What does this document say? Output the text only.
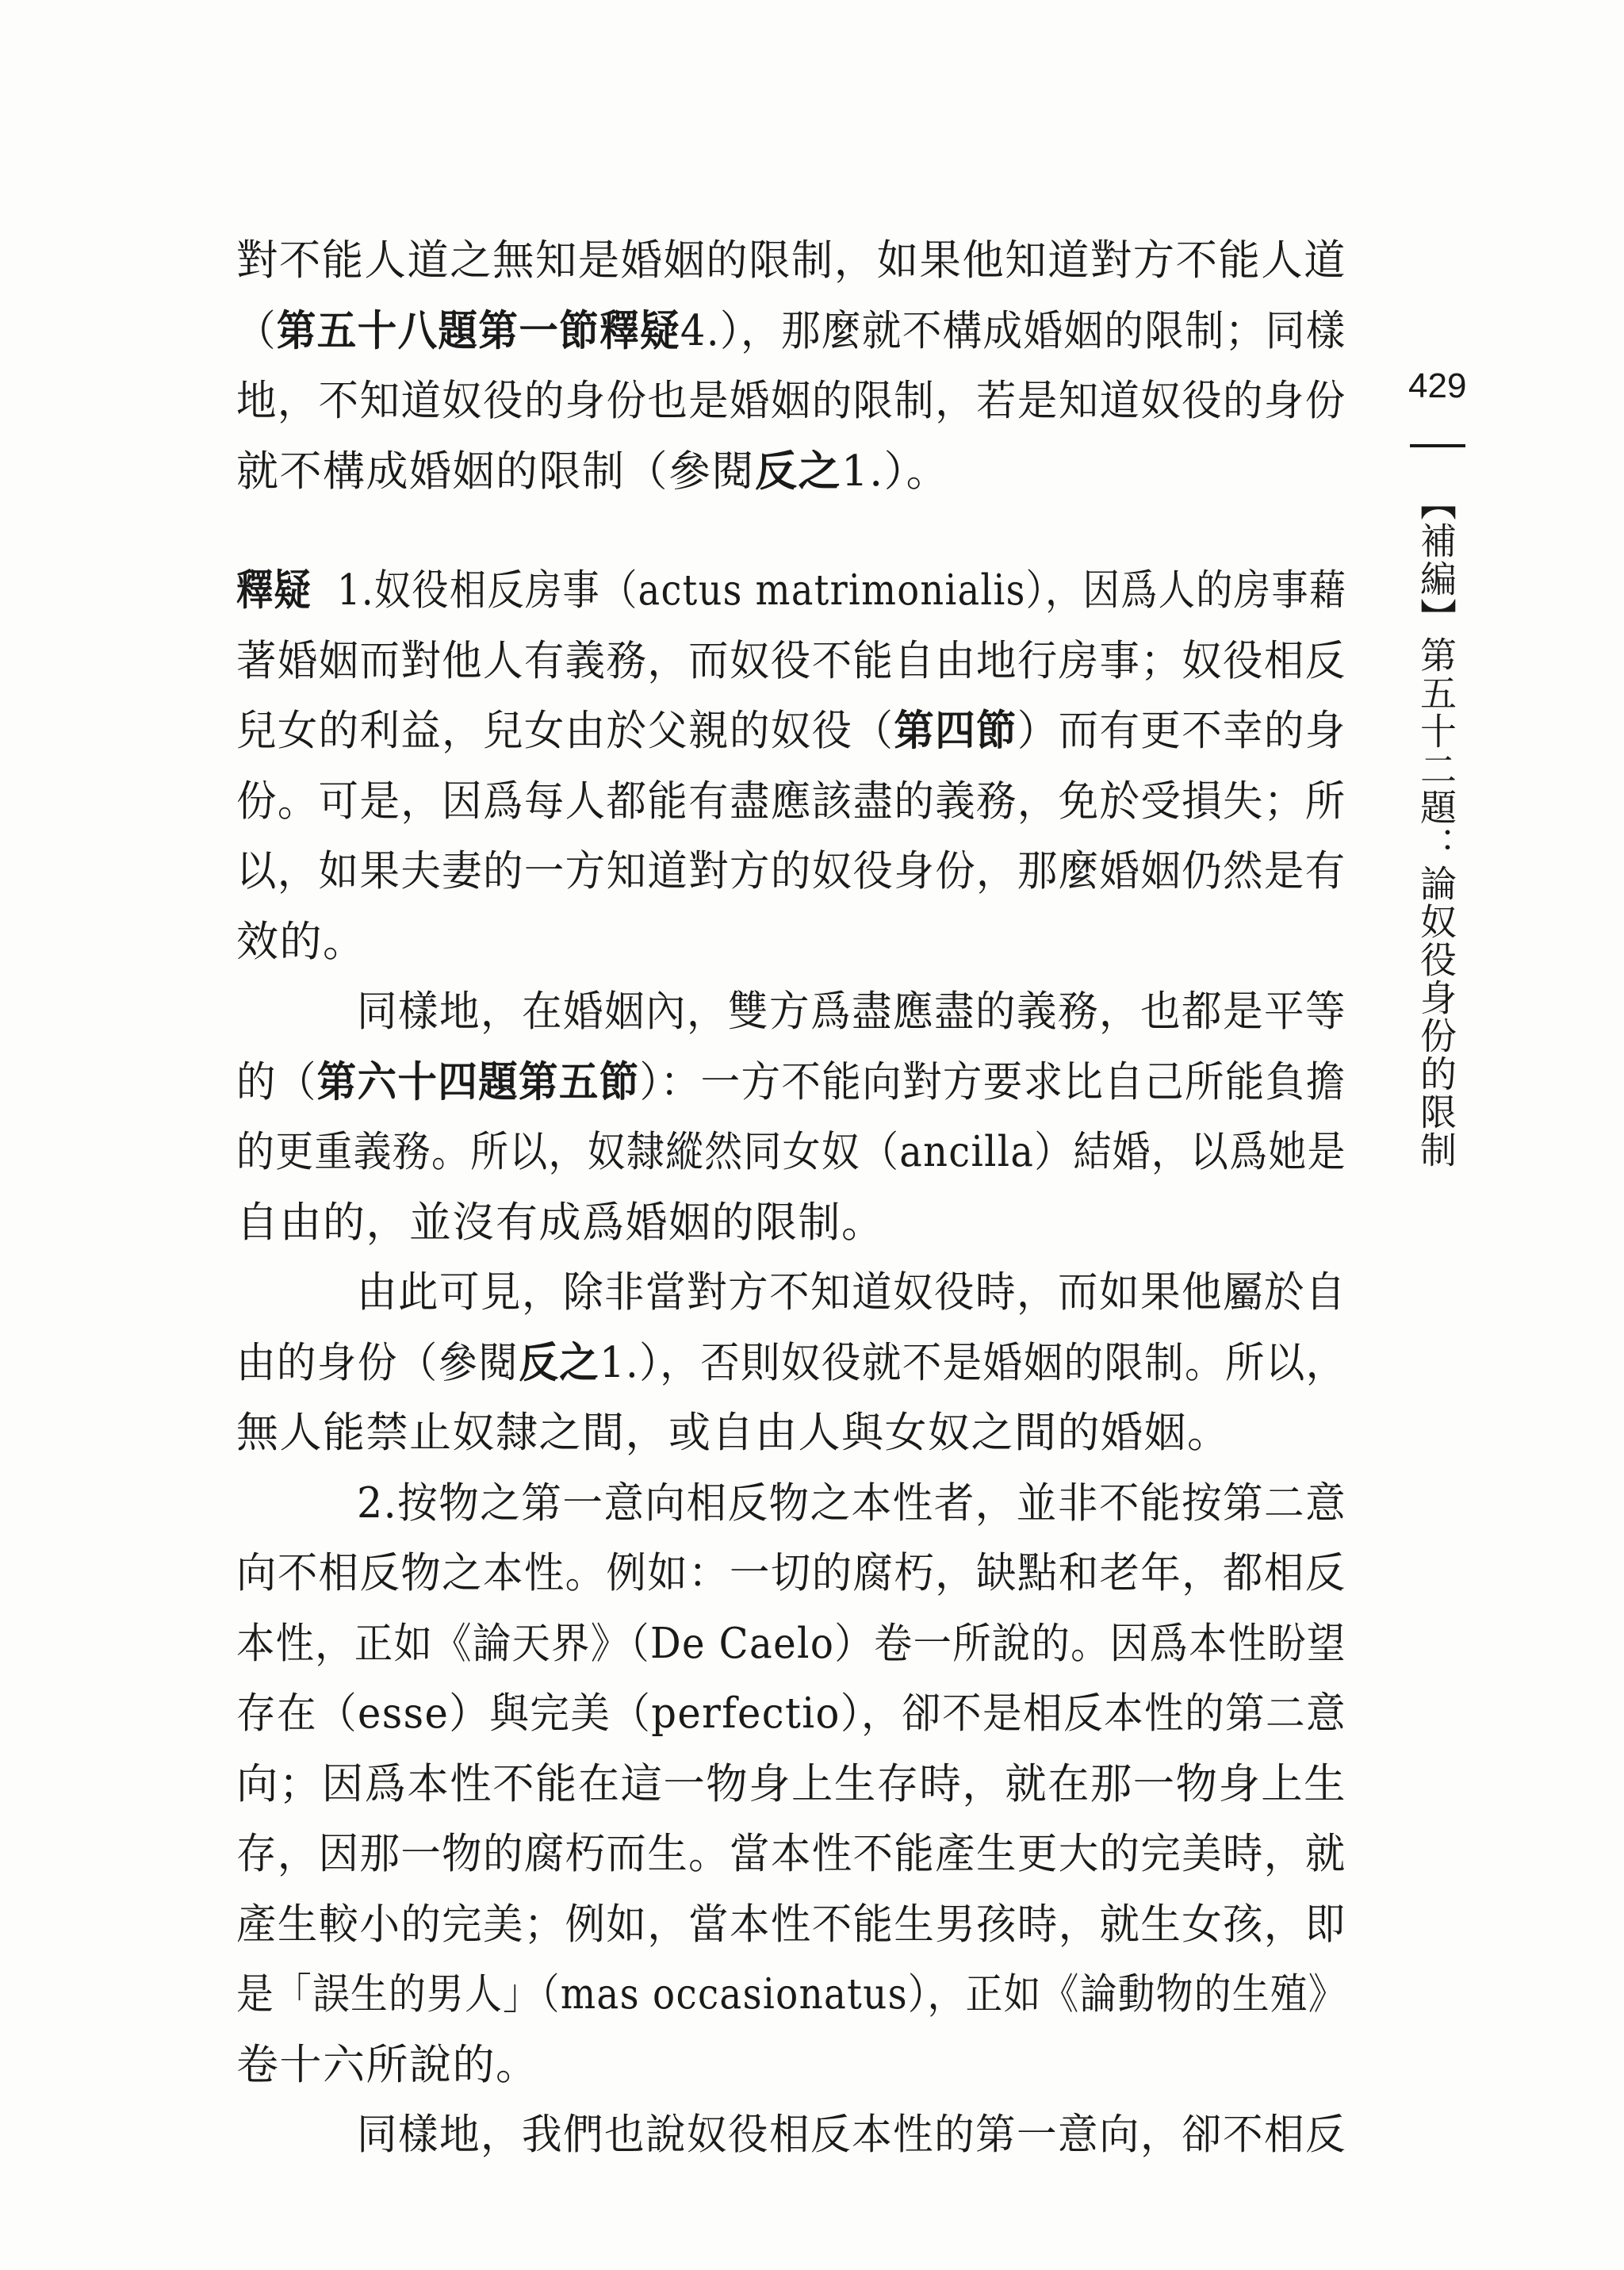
對不能人道之無知是婚姻的限制，如果他知道對方不能人道
（第五十八題第一節釋疑4.），那麼就不構成婚姻的限制；同樣
地，不知道奴役的身份也是婚姻的限制，若是知道奴役的身份
就不構成婚姻的限制（參閱反之1.）。
釋疑 1.奴役相反房事（actus matrimonialis），因爲人的房事藉
著婚姻而對他人有義務，而奴役不能自由地行房事；奴役相反
兒女的利益，兒女由於父親的奴役（第四節）而有更不幸的身
份。可是，因爲每人都能有盡應該盡的義務，免於受損失；所
以，如果夫妻的一方知道對方的奴役身份，那麼婚姻仍然是有
效的。
同樣地，在婚姻內，雙方爲盡應盡的義務，也都是平等
的（第六十四題第五節）：一方不能向對方要求比自己所能負擔
的更重義務。所以，奴隸縱然同女奴（ancilla）結婚，以爲她是
自由的，並沒有成爲婚姻的限制。
由此可見，除非當對方不知道奴役時，而如果他屬於自
由的身份（參閱反之1.），否則奴役就不是婚姻的限制。所以，
無人能禁止奴隸之間，或自由人與女奴之間的婚姻。
2.按物之第一意向相反物之本性者，並非不能按第二意
向不相反物之本性。例如：一切的腐朽，缺點和老年，都相反
本性，正如《論天界》（De Caelo）卷一所說的。因爲本性盼望
存在（esse）與完美（perfectio），卻不是相反本性的第二意
向；因爲本性不能在這一物身上生存時，就在那一物身上生
存，因那一物的腐朽而生。當本性不能產生更大的完美時，就
產生較小的完美；例如，當本性不能生男孩時，就生女孩，即
是「誤生的男人」（mas occasionatus），正如《論動物的生殖》
卷十六所說的。
同樣地，我們也說奴役相反本性的第一意向，卻不相反
429
【補編】第五十二題：論奴役身份的限制
